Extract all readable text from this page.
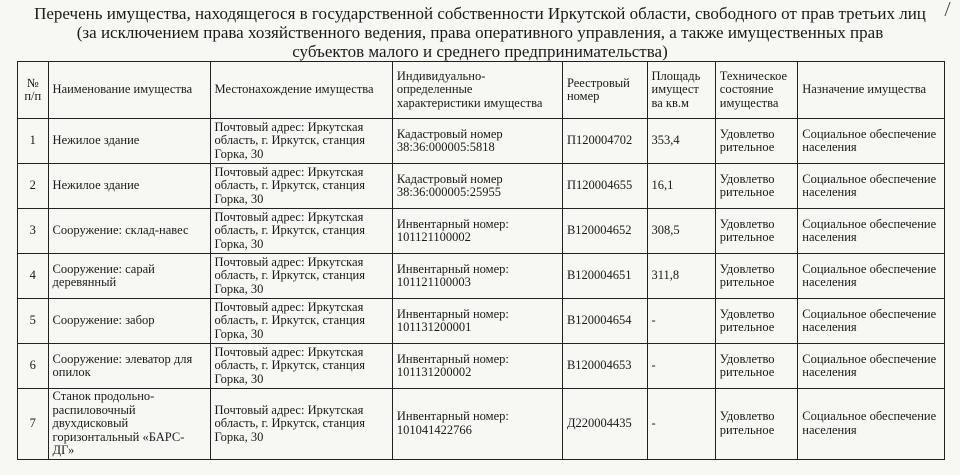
Перечень имущества, находящегося в государственной собственности Иркутской области, свободного от прав третьих лиц
(за исключением права хозяйственного ведения, права оперативного управления, а также имущественных прав
субъектов малого и среднего предпринимательства)
№ п/п	Наименование имущества	Местонахождение имущества	Индивидуально-определенные характеристики имущества	Реестровый номер	Площадь имущест ва кв.м	Техническое состояние имущества	Назначение имущества
1	Нежилое здание	Почтовый адрес: Иркутская область, г. Иркутск, станция Горка, 30	Кадастровый номер 38:36:000005:5818	П120004702	353,4	Удовлетво рительное	Социальное обеспечение населения
2	Нежилое здание	Почтовый адрес: Иркутская область, г. Иркутск, станция Горка, 30	Кадастровый номер 38:36:000005:25955	П120004655	16,1	Удовлетво рительное	Социальное обеспечение населения
3	Сооружение: склад-навес	Почтовый адрес: Иркутская область, г. Иркутск, станция Горка, 30	Инвентарный номер: 101121100002	В120004652	308,5	Удовлетво рительное	Социальное обеспечение населения
4	Сооружение: сарай деревянный	Почтовый адрес: Иркутская область, г. Иркутск, станция Горка, 30	Инвентарный номер: 101121100003	В120004651	311,8	Удовлетво рительное	Социальное обеспечение населения
5	Сооружение: забор	Почтовый адрес: Иркутская область, г. Иркутск, станция Горка, 30	Инвентарный номер: 101131200001	В120004654	-	Удовлетво рительное	Социальное обеспечение населения
6	Сооружение: элеватор для опилок	Почтовый адрес: Иркутская область, г. Иркутск, станция Горка, 30	Инвентарный номер: 101131200002	В120004653	-	Удовлетво рительное	Социальное обеспечение населения
7	Станок продольно-распиловочный двухдисковый горизонтальный «БАРС-ДГ»	Почтовый адрес: Иркутская область, г. Иркутск, станция Горка, 30	Инвентарный номер: 101041422766	Д220004435	-	Удовлетво рительное	Социальное обеспечение населения
